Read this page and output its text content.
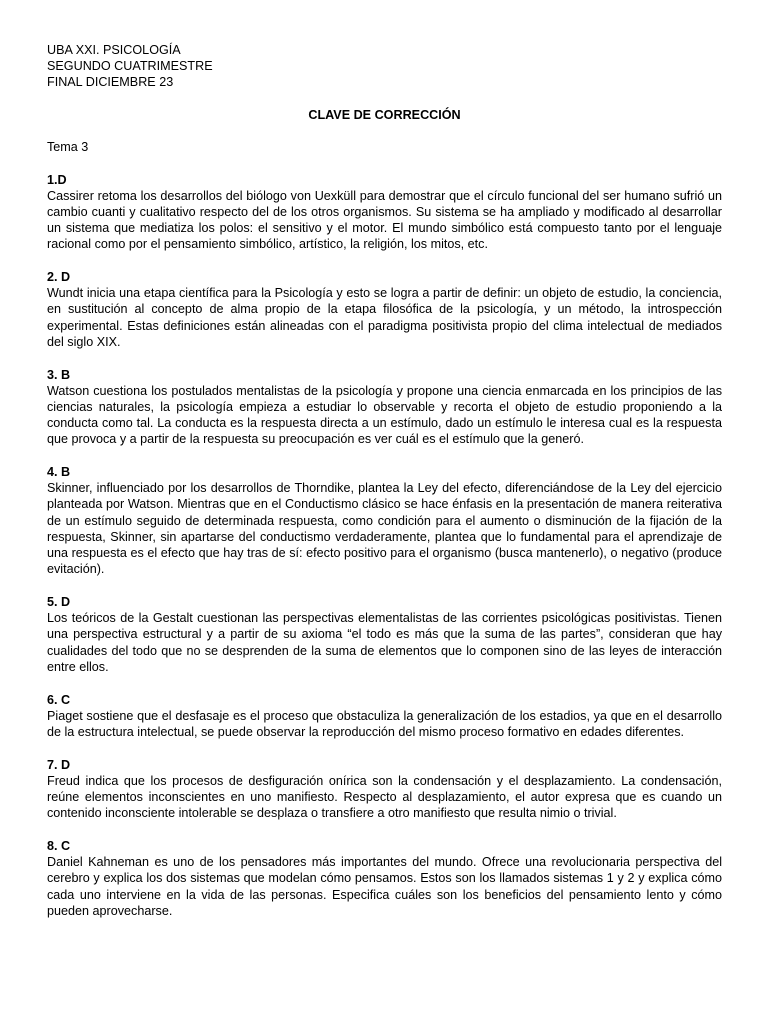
UBA XXI. PSICOLOGÍA
SEGUNDO CUATRIMESTRE
FINAL DICIEMBRE 23
CLAVE DE CORRECCIÓN
Tema 3
1.D

Cassirer retoma los desarrollos del biólogo von Uexküll para demostrar que el círculo funcional del ser humano sufrió un cambio cuanti y cualitativo respecto del de los otros organismos. Su sistema se ha ampliado y modificado al desarrollar un sistema que mediatiza los polos: el sensitivo y el motor. El mundo simbólico está compuesto tanto por el lenguaje racional como por el pensamiento simbólico, artístico, la religión, los mitos, etc.

2. D

Wundt inicia una etapa científica para la Psicología y esto se logra a partir de definir: un objeto de estudio, la conciencia, en sustitución al concepto de alma propio de la etapa filosófica de la psicología, y un método, la introspección experimental. Estas definiciones están alineadas con el paradigma positivista propio del clima intelectual de mediados del siglo XIX.

3. B

Watson cuestiona los postulados mentalistas de la psicología y propone una ciencia enmarcada en los principios de las ciencias naturales, la psicología empieza a estudiar lo observable y recorta el objeto de estudio proponiendo a la conducta como tal. La conducta es la respuesta directa a un estímulo, dado un estímulo le interesa cual es la respuesta que provoca y a partir de la respuesta su preocupación es ver cuál es el estímulo que la generó.

4. B

Skinner, influenciado por los desarrollos de Thorndike, plantea la Ley del efecto, diferenciándose de la Ley del ejercicio planteada por Watson. Mientras que en el Conductismo clásico se hace énfasis en la presentación de manera reiterativa de un estímulo seguido de determinada respuesta, como condición para el aumento o disminución de la fijación de la respuesta, Skinner, sin apartarse del conductismo verdaderamente, plantea que lo fundamental para el aprendizaje de una respuesta es el efecto que hay tras de sí: efecto positivo para el organismo (busca mantenerlo), o negativo (produce evitación).

5. D

Los teóricos de la Gestalt cuestionan las perspectivas elementalistas de las corrientes psicológicas positivistas. Tienen una perspectiva estructural y a partir de su axioma “el todo es más que la suma de las partes”, consideran que hay cualidades del todo que no se desprenden de la suma de elementos que lo componen sino de las leyes de interacción entre ellos.

6. C

Piaget sostiene que el desfasaje es el proceso que obstaculiza la generalización de los estadios, ya que en el desarrollo de la estructura intelectual, se puede observar la reproducción del mismo proceso formativo en edades diferentes.

7. D

Freud indica que los procesos de desfiguración onírica son la condensación y el desplazamiento. La condensación, reúne elementos inconscientes en uno manifiesto. Respecto al desplazamiento, el autor expresa que es cuando un contenido inconsciente intolerable se desplaza o transfiere a otro manifiesto que resulta nimio o trivial.

8. C

Daniel Kahneman es uno de los pensadores más importantes del mundo. Ofrece una revolucionaria perspectiva del cerebro y explica los dos sistemas que modelan cómo pensamos. Estos son los llamados sistemas 1 y 2 y explica cómo cada uno interviene en la vida de las personas. Especifica cuáles son los beneficios del pensamiento lento y cómo pueden aprovecharse.
